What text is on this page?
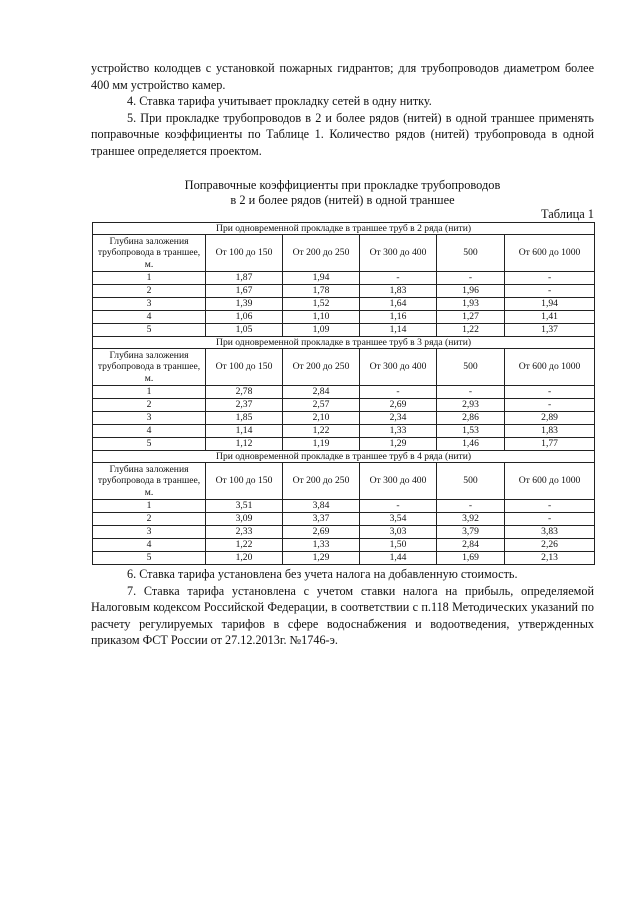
устройство колодцев с установкой пожарных гидрантов; для трубопроводов диаметром более 400 мм устройство камер.

4. Ставка тарифа учитывает прокладку сетей в одну нитку.

5. При прокладке трубопроводов в 2 и более рядов (нитей) в одной траншее применять поправочные коэффициенты по Таблице 1. Количество рядов (нитей) трубопровода в одной траншее определяется проектом.

Поправочные коэффициенты при прокладке трубопроводов
в 2 и более рядов (нитей) в одной траншее
Таблица 1
При одновременной прокладке в траншее труб в 2 ряда (нити)					
Глубина заложения трубопровода в траншее, м.	От 100 до 150	От 200 до 250	От 300 до 400	500	От 600 до 1000
1	1,87	1,94	-	-	-
2	1,67	1,78	1,83	1,96	-
3	1,39	1,52	1,64	1,93	1,94
4	1,06	1,10	1,16	1,27	1,41
5	1,05	1,09	1,14	1,22	1,37
При одновременной прокладке в траншее труб в 3 ряда (нити)					
Глубина заложения трубопровода в траншее, м.	От 100 до 150	От 200 до 250	От 300 до 400	500	От 600 до 1000
1	2,78	2,84	-	-	-
2	2,37	2,57	2,69	2,93	-
3	1,85	2,10	2,34	2,86	2,89
4	1,14	1,22	1,33	1,53	1,83
5	1,12	1,19	1,29	1,46	1,77
При одновременной прокладке в траншее труб в 4 ряда (нити)					
Глубина заложения трубопровода в траншее, м.	От 100 до 150	От 200 до 250	От 300 до 400	500	От 600 до 1000
1	3,51	3,84	-	-	-
2	3,09	3,37	3,54	3,92	-
3	2,33	2,69	3,03	3,79	3,83
4	1,22	1,33	1,50	2,84	2,26
5	1,20	1,29	1,44	1,69	2,13

6. Ставка тарифа установлена без учета налога на добавленную стоимость.

7. Ставка тарифа установлена с учетом ставки налога на прибыль, определяемой Налоговым кодексом Российской Федерации, в соответствии с п.118 Методических указаний по расчету регулируемых тарифов в сфере водоснабжения и водоотведения, утвержденных приказом ФСТ России от 27.12.2013г. №1746-э.
